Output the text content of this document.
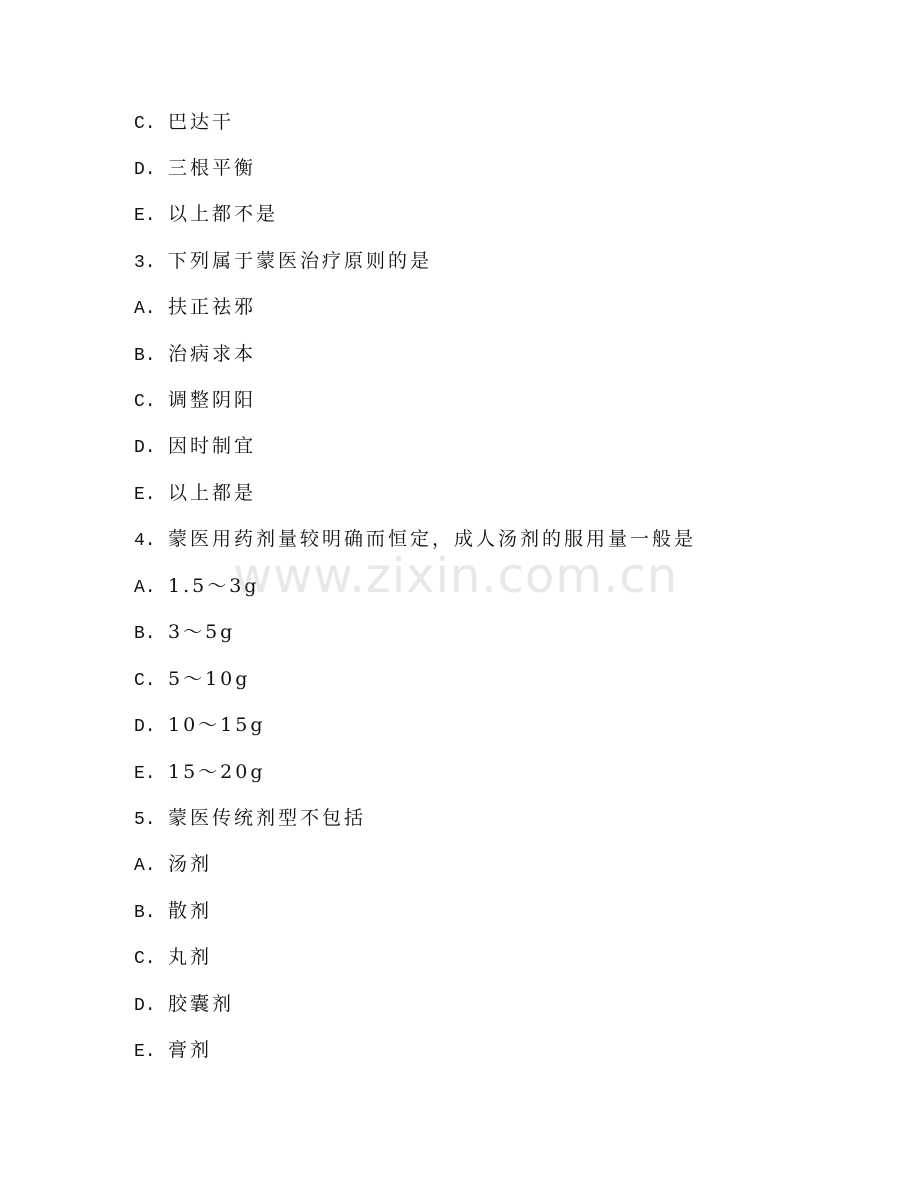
C. 巴达干
D. 三根平衡
E. 以上都不是
3. 下列属于蒙医治疗原则的是
A. 扶正祛邪
B. 治病求本
C. 调整阴阳
D. 因时制宜
E. 以上都是
4. 蒙医用药剂量较明确而恒定，成人汤剂的服用量一般是
A. 1.5～3g
B. 3～5g
C. 5～10g
D. 10～15g
E. 15～20g
5. 蒙医传统剂型不包括
A. 汤剂
B. 散剂
C. 丸剂
D. 胶囊剂
E. 膏剂
www.zixin.com.cn
